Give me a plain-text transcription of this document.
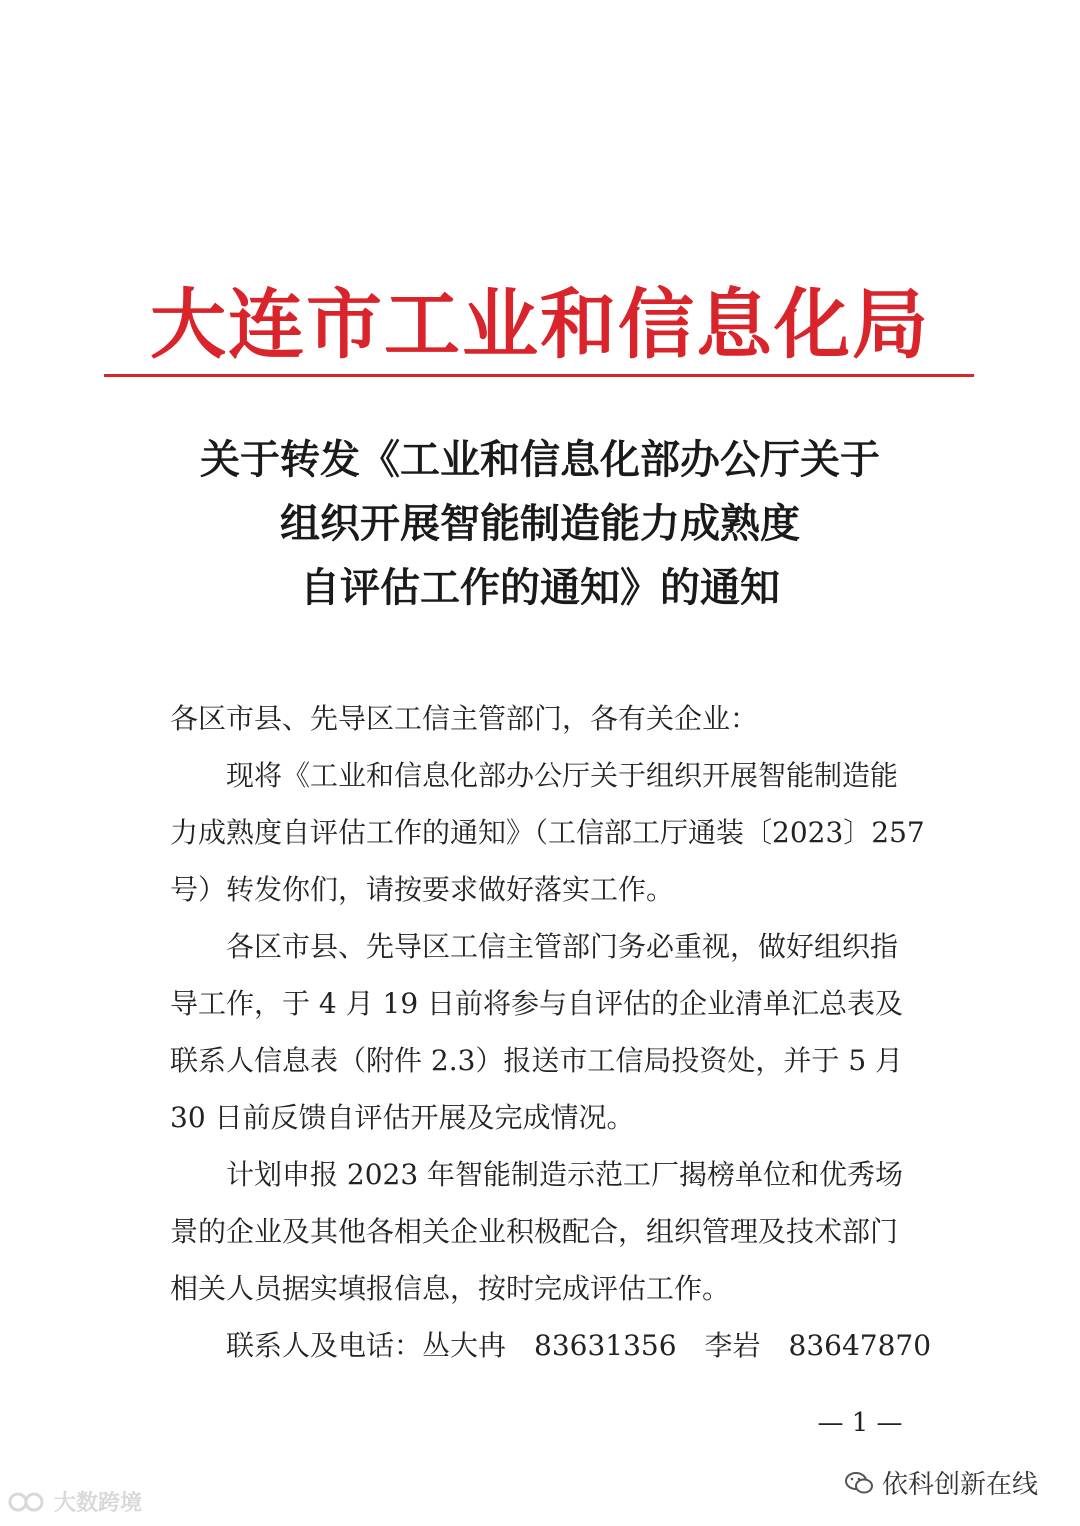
大连市工业和信息化局
关于转发《工业和信息化部办公厅关于
组织开展智能制造能力成熟度
自评估工作的通知》的通知
各区市县、先导区工信主管部门，各有关企业：
　　现将《工业和信息化部办公厅关于组织开展智能制造能
力成熟度自评估工作的通知》（工信部工厅通装〔2023〕257
号）转发你们，请按要求做好落实工作。
　　各区市县、先导区工信主管部门务必重视，做好组织指
导工作，于 4 月 19 日前将参与自评估的企业清单汇总表及
联系人信息表（附件 2.3）报送市工信局投资处，并于 5 月
30 日前反馈自评估开展及完成情况。
　　计划申报 2023 年智能制造示范工厂揭榜单位和优秀场
景的企业及其他各相关企业积极配合，组织管理及技术部门
相关人员据实填报信息，按时完成评估工作。
　　联系人及电话：丛大冉　83631356　李岩　83647870
— 1 —
依科创新在线
大数跨境
